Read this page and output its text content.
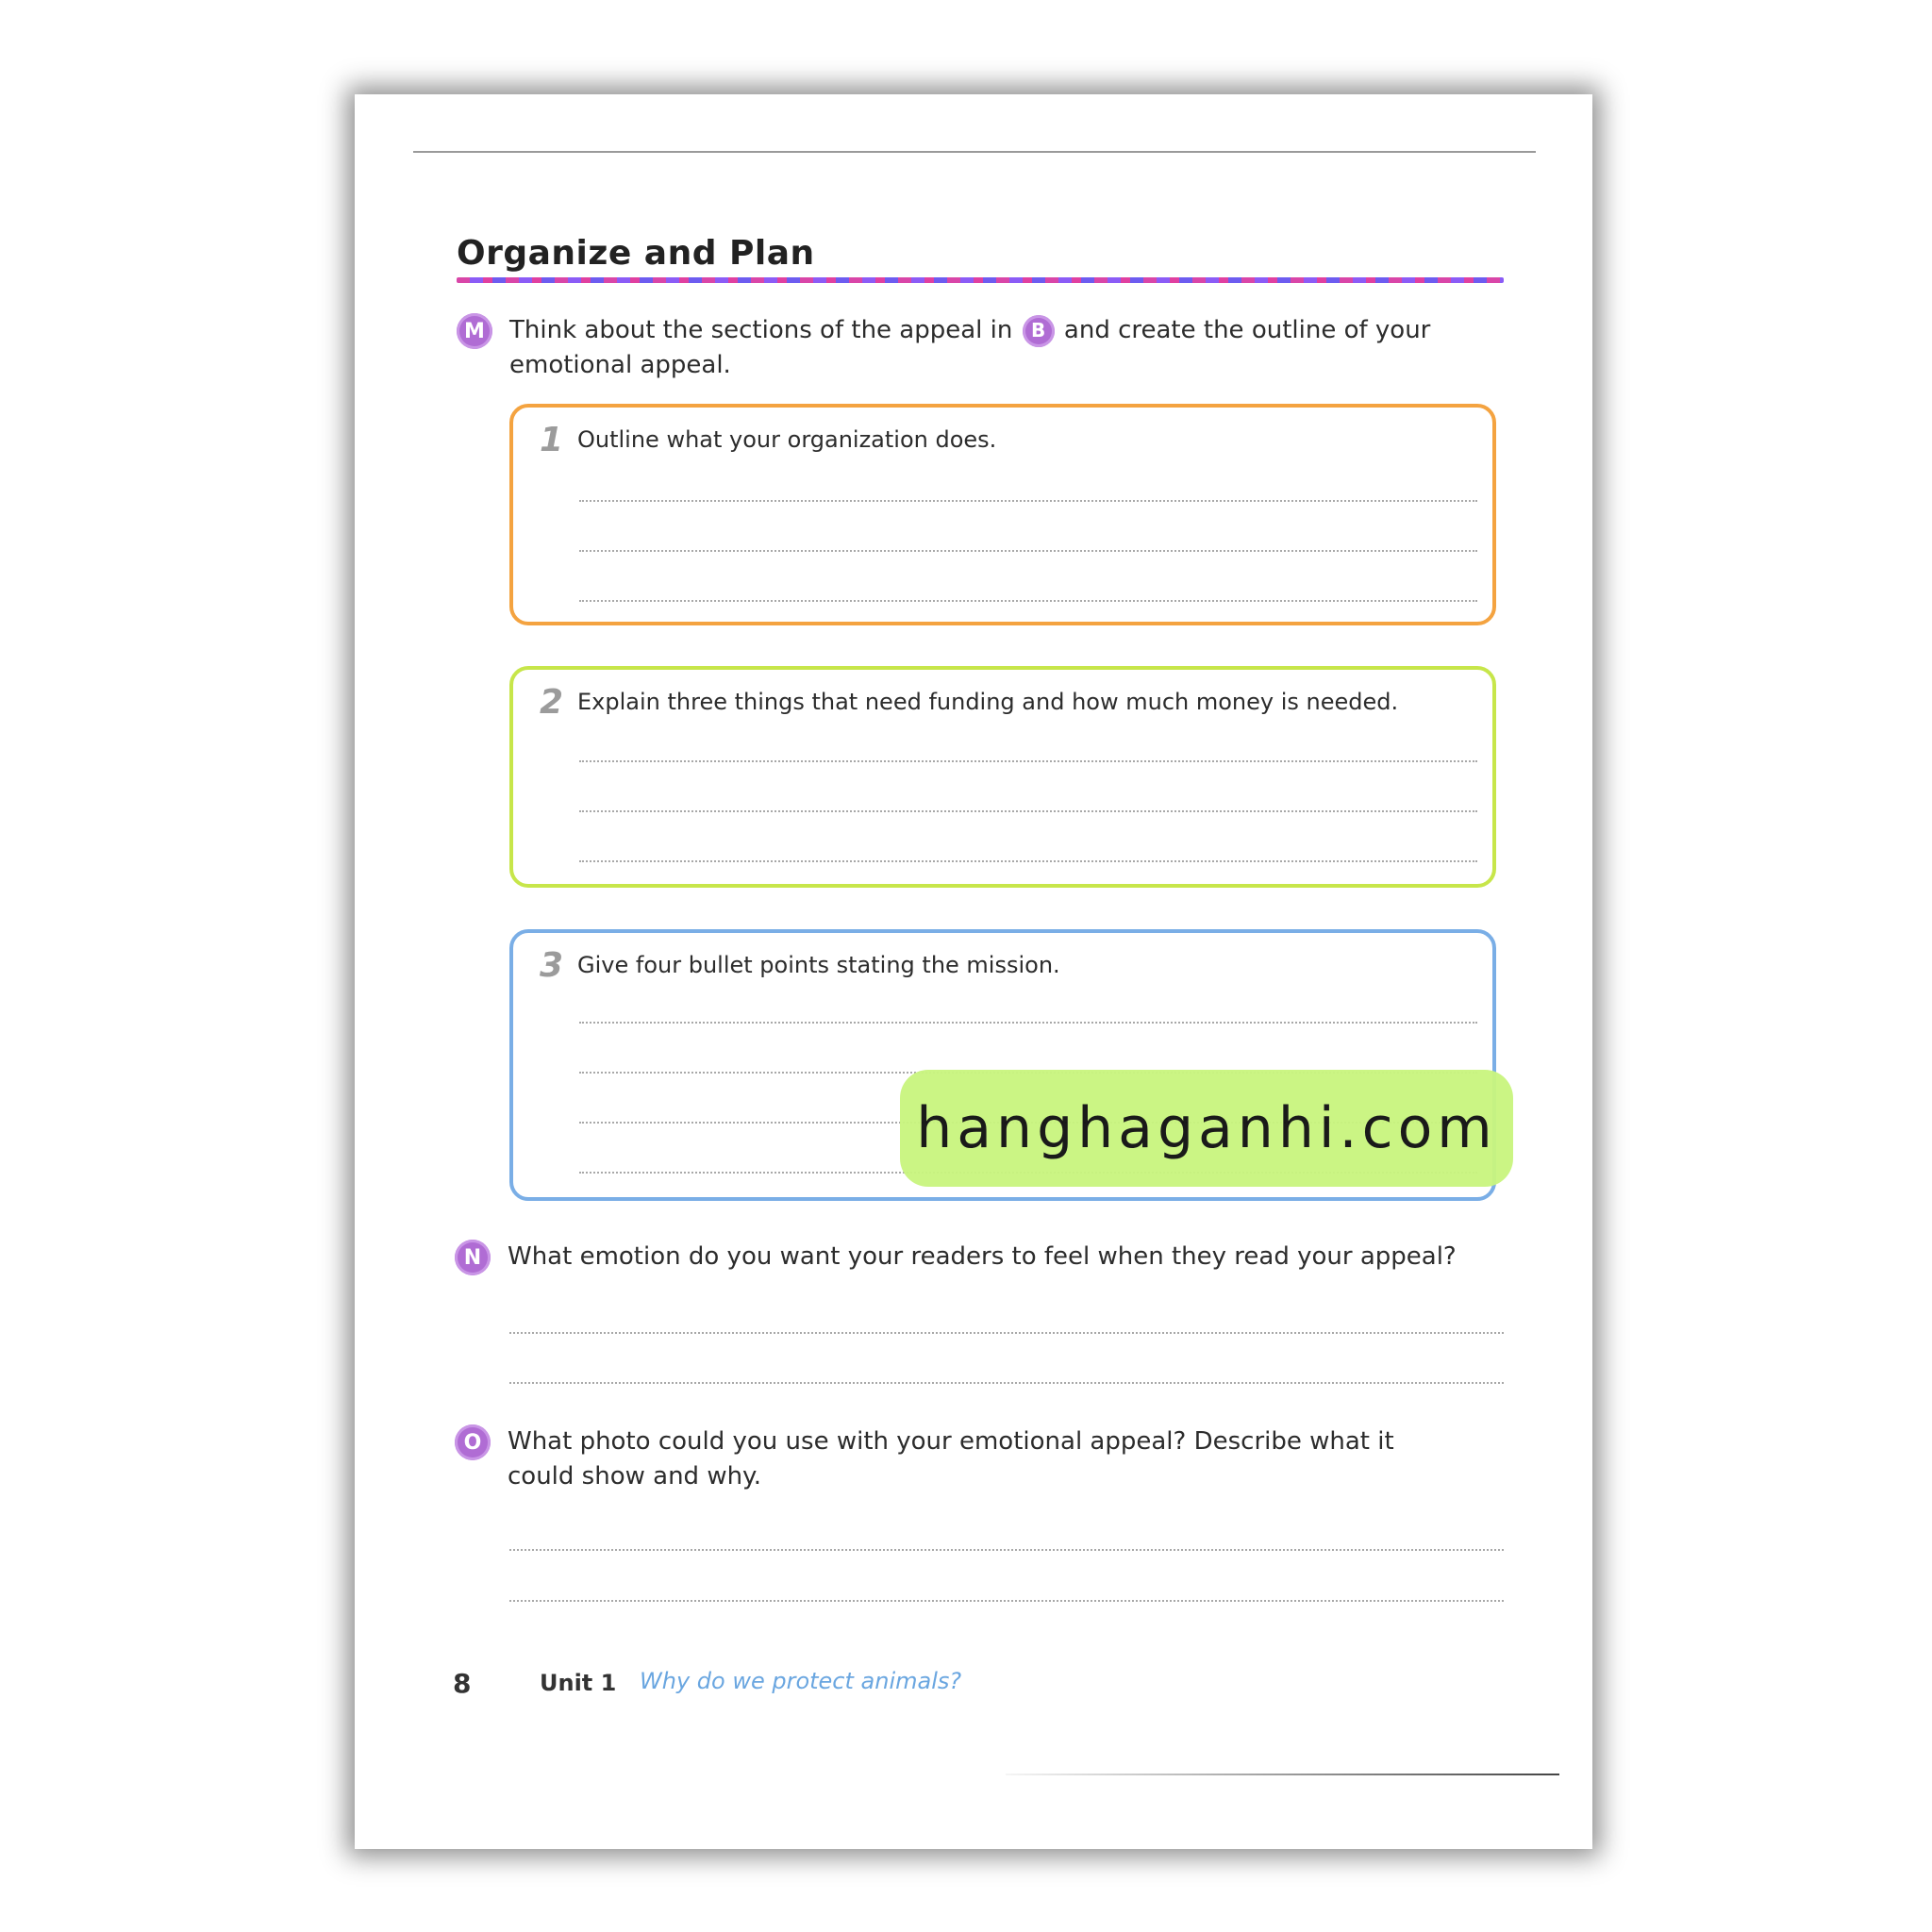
Organize and Plan
M	Think about the sections of the appeal in B and create the outline of your emotional appeal.
1 Outline what your organization does.
2 Explain three things that need funding and how much money is needed.
3 Give four bullet points stating the mission.
N	What emotion do you want your readers to feel when they read your appeal?
O	What photo could you use with your emotional appeal? Describe what it could show and why.
8	Unit 1 Why do we protect animals?
hanghaganhi.com
